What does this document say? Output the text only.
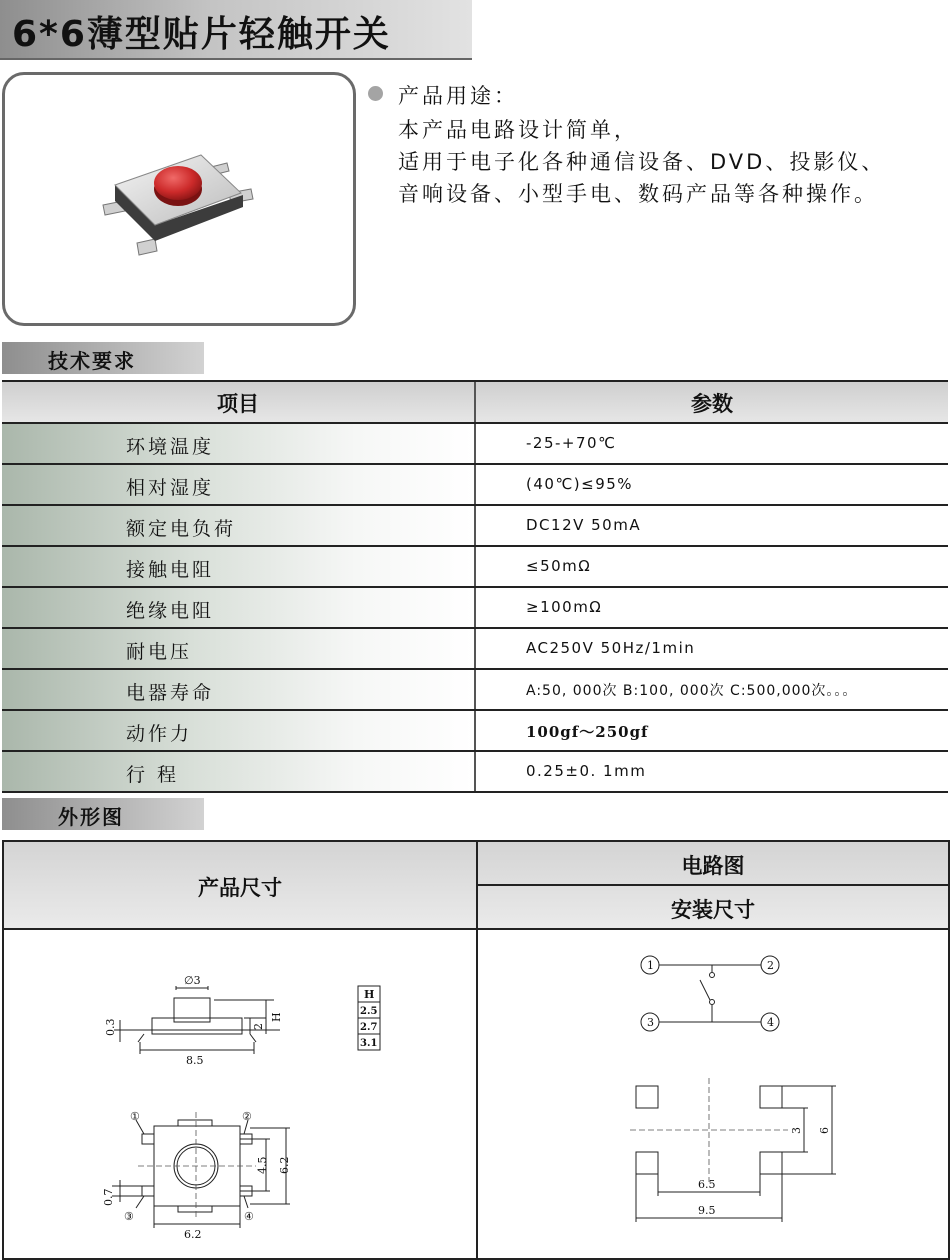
6*6薄型贴片轻触开关
产品用途：
本产品电路设计简单，
适用于电子化各种通信设备、DVD、投影仪、
音响设备、小型手电、数码产品等各种操作。
技术要求
项目	参数
环境温度	-25-+70℃
相对湿度	(40℃)≤95%
额定电负荷	DC12V 50mA
接触电阻	≤50mΩ
绝缘电阻	≥100mΩ
耐电压	AC250V 50Hz/1min
电器寿命	A:50, 000次 B:100, 000次 C:500,000次。。。
动作力	100gf～250gf
行 程	0.25±0. 1mm
外形图
产品尺寸
电路图
安装尺寸
∅3
0.3	2
H
8.5
H
2.5
2.7
3.1
①	②
③	④
4.5 6.2
6.2
0.7
1	2
3	4
3 6
6.5
9.5
